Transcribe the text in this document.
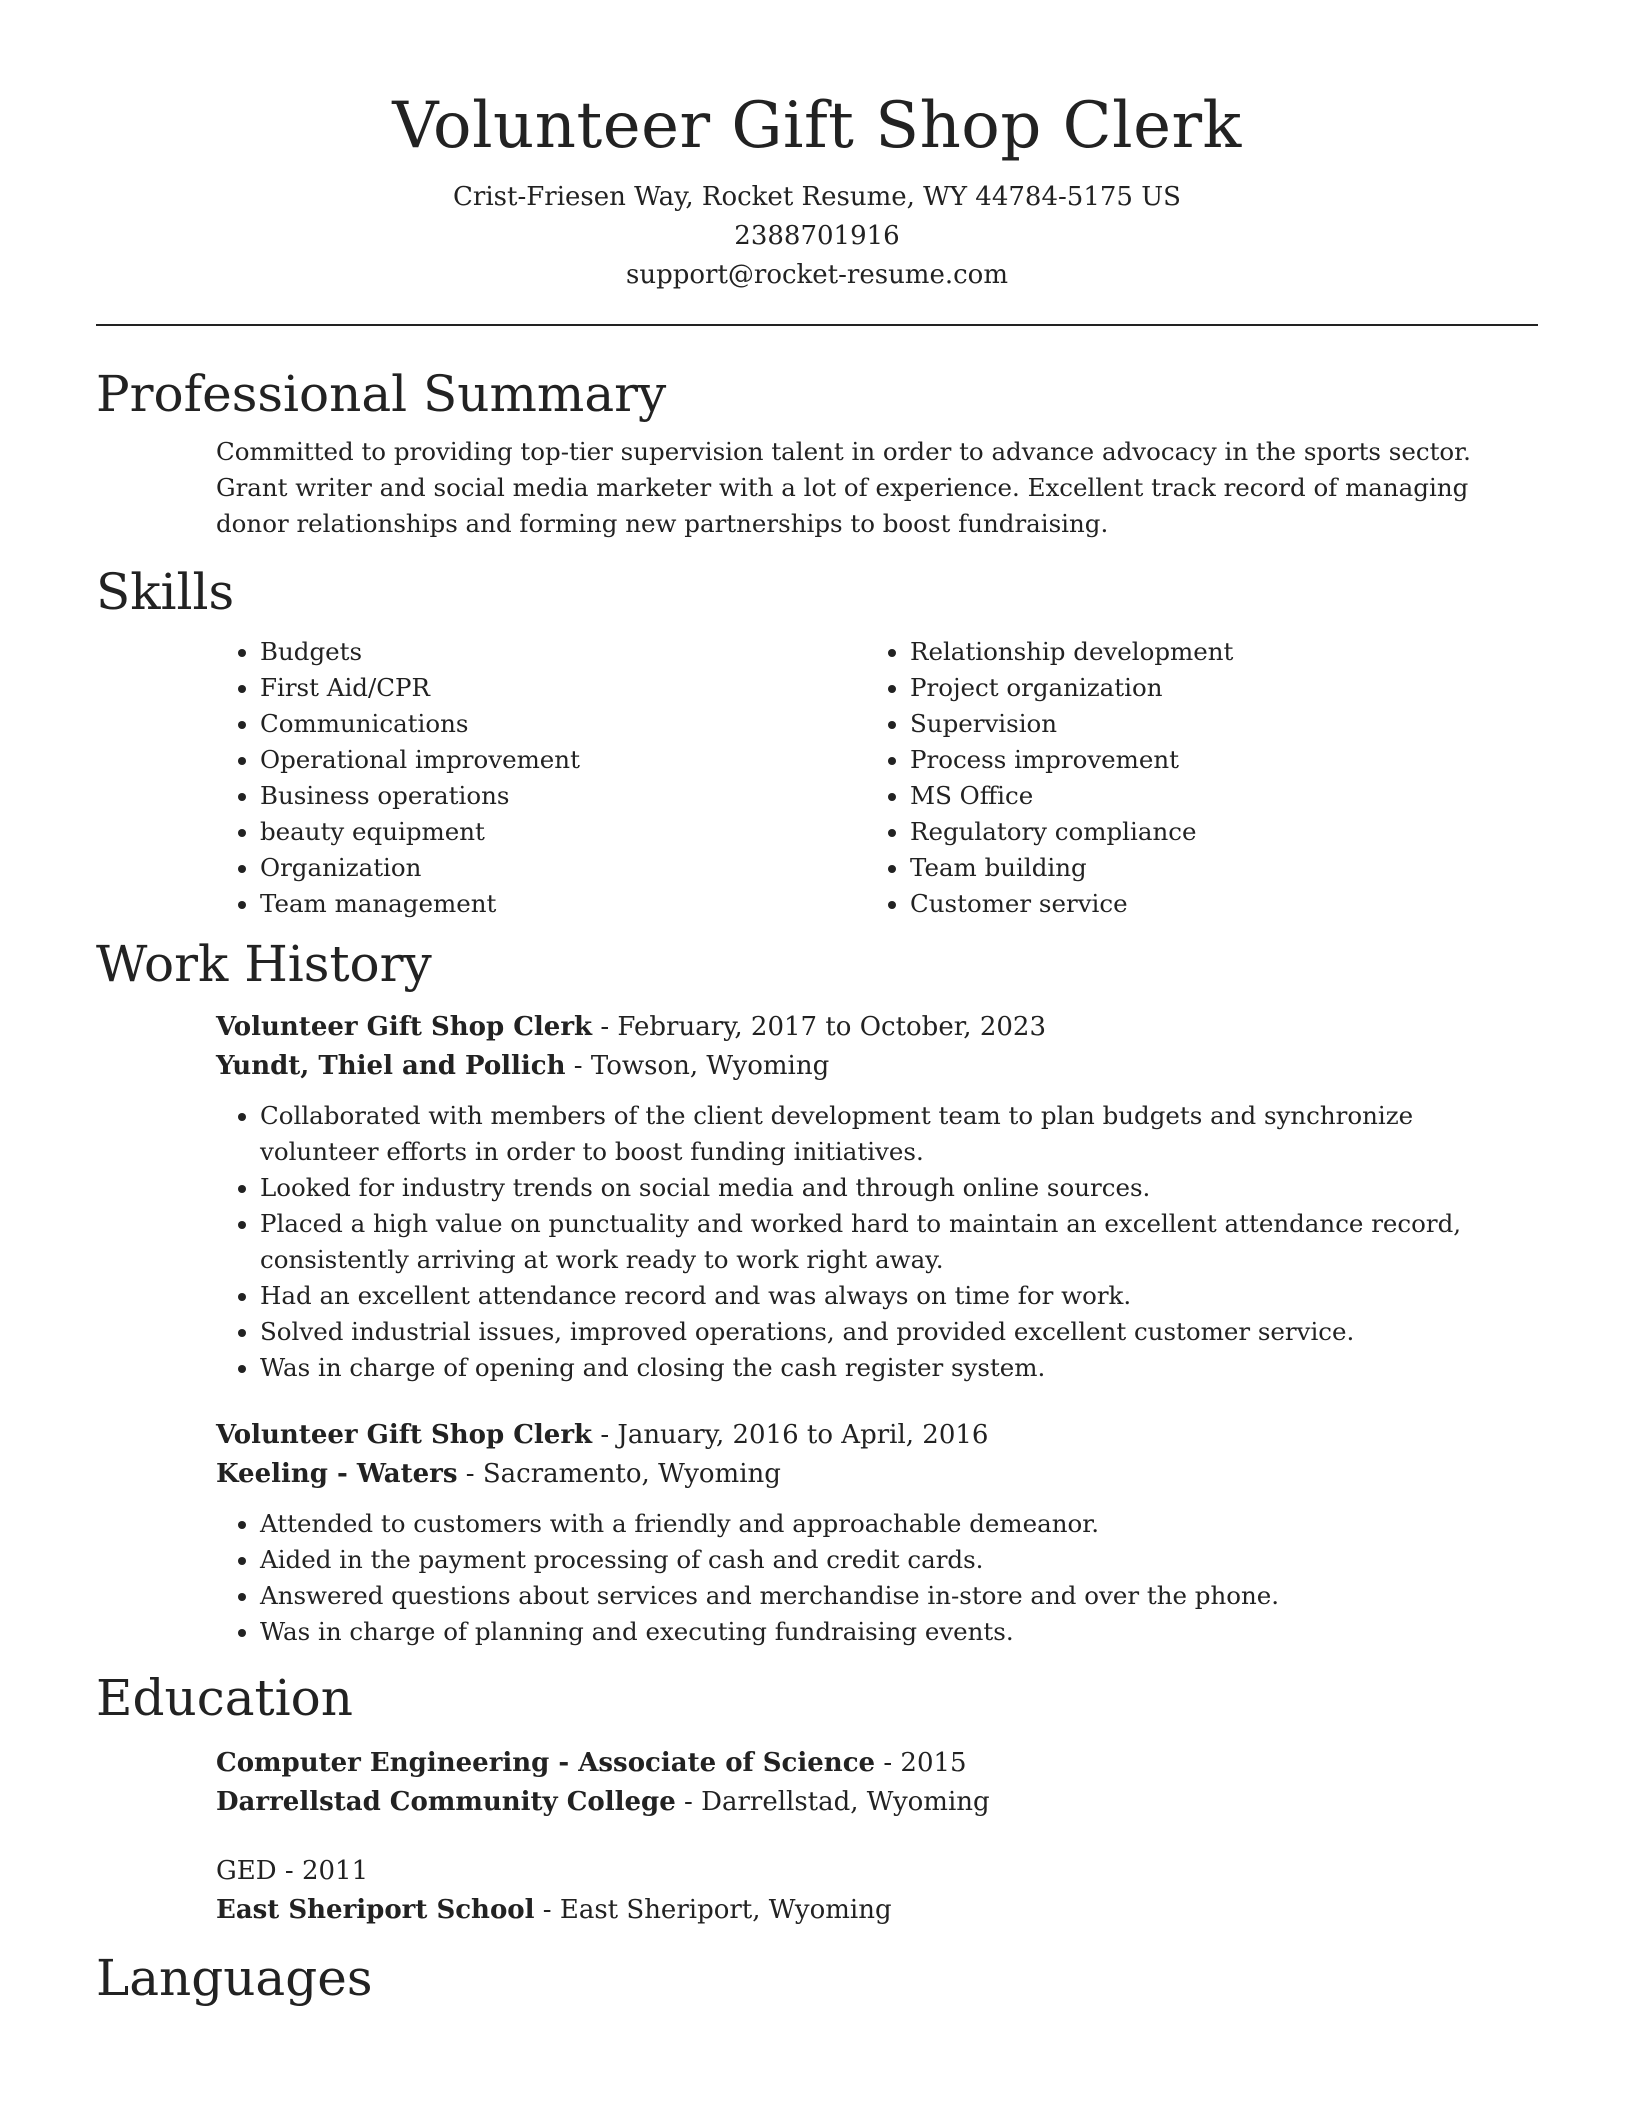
Volunteer Gift Shop Clerk
Crist-Friesen Way, Rocket Resume, WY 44784-5175 US
2388701916
support@rocket-resume.com
Professional Summary

Committed to providing top-tier supervision talent in order to advance advocacy in the sports sector. Grant writer and social media marketer with a lot of experience. Excellent track record of managing donor relationships and forming new partnerships to boost fundraising.

Skills
• Budgets
• First Aid/CPR
• Communications
• Operational improvement
• Business operations
• beauty equipment
• Organization
• Team management
• Relationship development
• Project organization
• Supervision
• Process improvement
• MS Office
• Regulatory compliance
• Team building
• Customer service
Work History
Volunteer Gift Shop Clerk - February, 2017 to October, 2023
Yundt, Thiel and Pollich - Towson, Wyoming
• Collaborated with members of the client development team to plan budgets and synchronize volunteer efforts in order to boost funding initiatives.
• Looked for industry trends on social media and through online sources.
• Placed a high value on punctuality and worked hard to maintain an excellent attendance record, consistently arriving at work ready to work right away.
• Had an excellent attendance record and was always on time for work.
• Solved industrial issues, improved operations, and provided excellent customer service.
• Was in charge of opening and closing the cash register system.
Volunteer Gift Shop Clerk - January, 2016 to April, 2016
Keeling - Waters - Sacramento, Wyoming
• Attended to customers with a friendly and approachable demeanor.
• Aided in the payment processing of cash and credit cards.
• Answered questions about services and merchandise in-store and over the phone.
• Was in charge of planning and executing fundraising events.
Education
Computer Engineering - Associate of Science - 2015
Darrellstad Community College - Darrellstad, Wyoming
GED - 2011
East Sheriport School - East Sheriport, Wyoming
Languages
